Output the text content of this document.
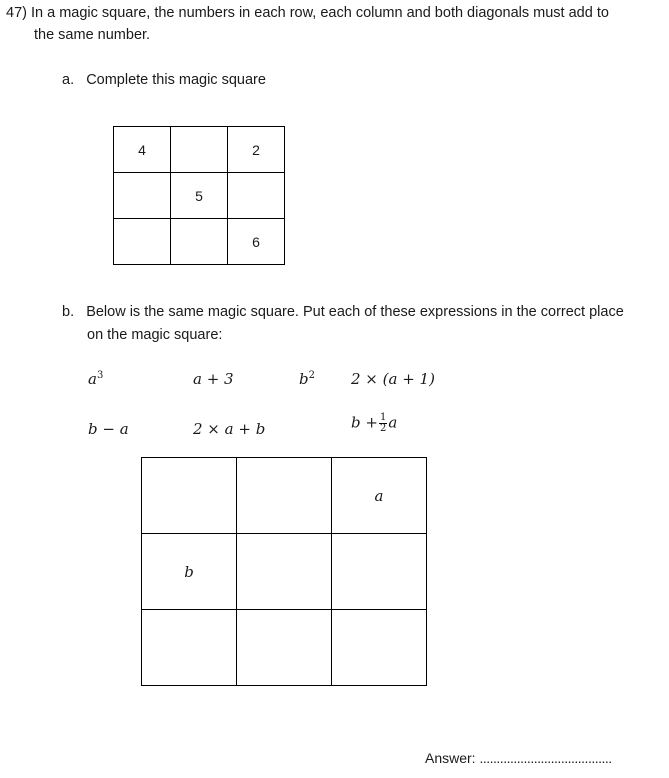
47) In a magic square, the numbers in each row, each column and both diagonals must add to
the same number.
a. Complete this magic square
4		2
	5	
		6
b. Below is the same magic square. Put each of these expressions in the correct place
on the magic square:
$a^3$	a + 3	$b^2$ 2 × (a + 1)
b − a	2 × a + b	$b + \frac{1}{2}$ a
		a
b		

Answer: .......................................
